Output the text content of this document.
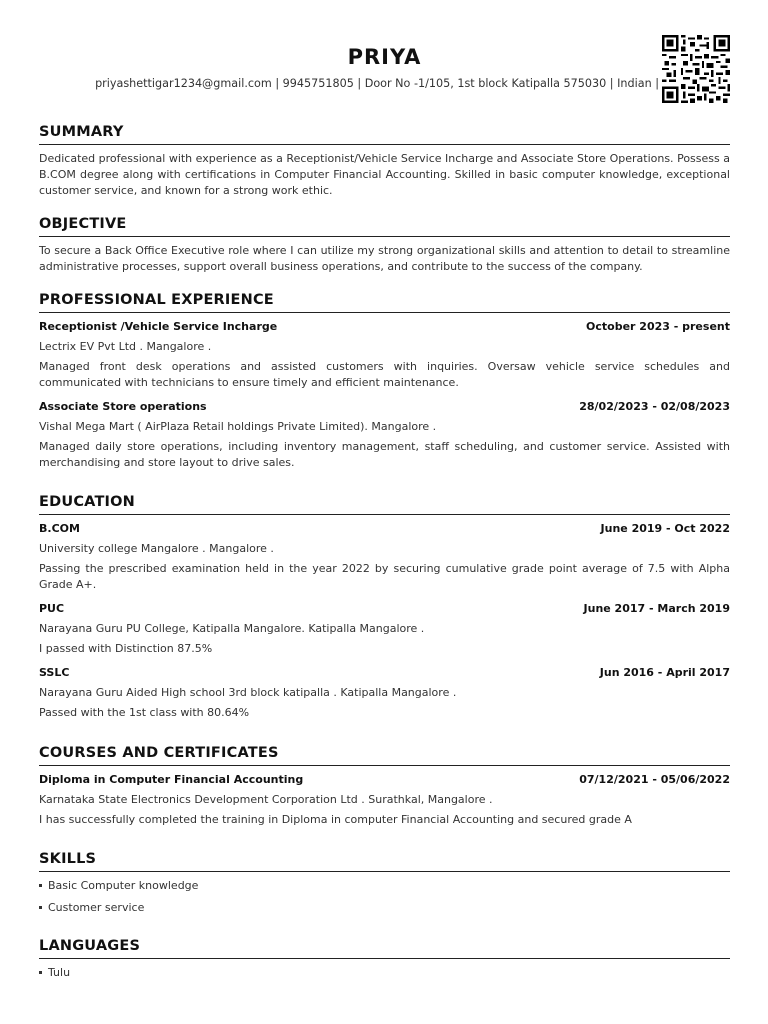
PRIYA
priyashettigar1234@gmail.com | 9945751805 | Door No -1/105, 1st block Katipalla 575030 | Indian |
SUMMARY

Dedicated professional with experience as a Receptionist/Vehicle Service Incharge and Associate Store Operations. Possess a B.COM degree along with certifications in Computer Financial Accounting. Skilled in basic computer knowledge, exceptional customer service, and known for a strong work ethic.

OBJECTIVE

To secure a Back Office Executive role where I can utilize my strong organizational skills and attention to detail to streamline administrative processes, support overall business operations, and contribute to the success of the company.

PROFESSIONAL EXPERIENCE
Receptionist /Vehicle Service Incharge	October 2023 - present
Lectrix EV Pvt Ltd . Mangalore .
Managed front desk operations and assisted customers with inquiries. Oversaw vehicle service schedules and communicated with technicians to ensure timely and efficient maintenance.
Associate Store operations	28/02/2023 - 02/08/2023
Vishal Mega Mart ( AirPlaza Retail holdings Private Limited). Mangalore .
Managed daily store operations, including inventory management, staff scheduling, and customer service. Assisted with merchandising and store layout to drive sales.
EDUCATION
B.COM	June 2019 - Oct 2022
University college Mangalore . Mangalore .
Passing the prescribed examination held in the year 2022 by securing cumulative grade point average of 7.5 with Alpha Grade A+.
PUC	June 2017 - March 2019
Narayana Guru PU College, Katipalla Mangalore. Katipalla Mangalore .
I passed with Distinction 87.5%
SSLC	Jun 2016 - April 2017
Narayana Guru Aided High school 3rd block katipalla . Katipalla Mangalore .
Passed with the 1st class with 80.64%
COURSES AND CERTIFICATES
Diploma in Computer Financial Accounting	07/12/2021 - 05/06/2022
Karnataka State Electronics Development Corporation Ltd . Surathkal, Mangalore .
I has successfully completed the training in Diploma in computer Financial Accounting and secured grade A
SKILLS
Basic Computer knowledge
Customer service
LANGUAGES
Tulu
